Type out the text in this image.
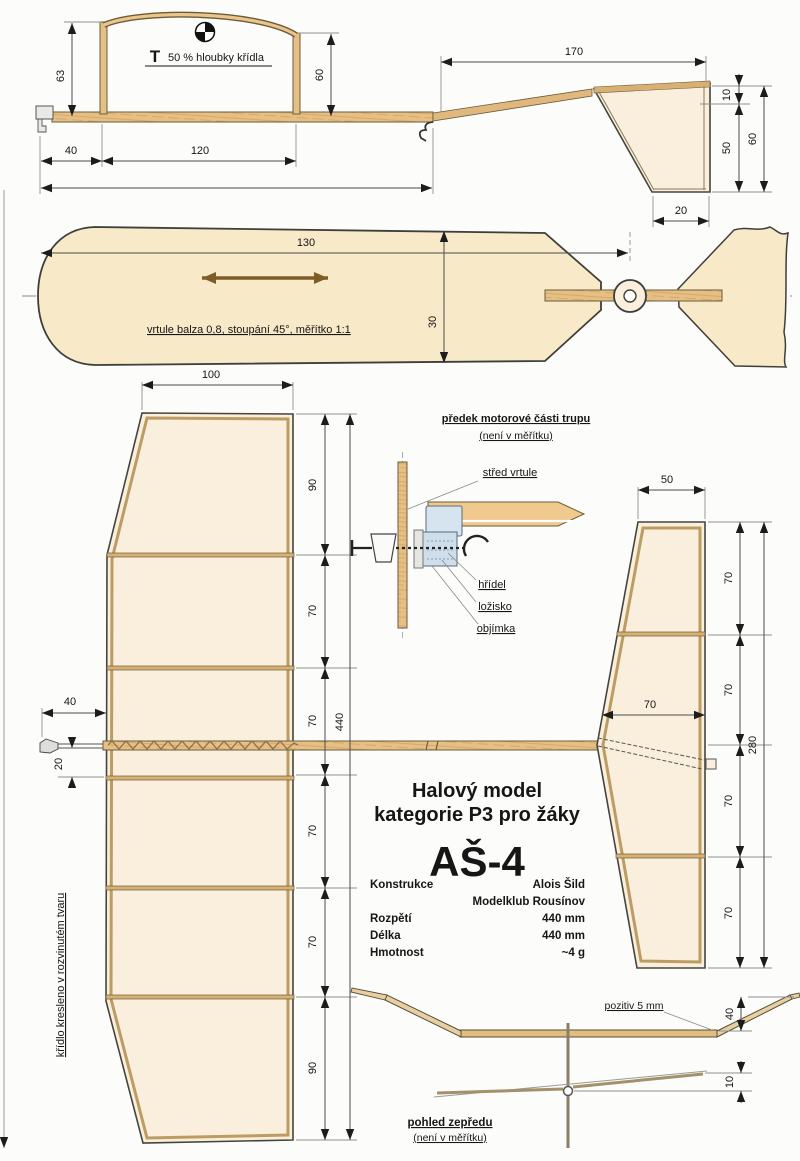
T 50 % hloubky křídla
63	60
40	120
170
10
50
60
20
vrtule balza 0,8, stoupání 45°, měřítko 1:1
130
30
100
90
70
70
70
70
90
440
40
20
křídlo kresleno v rozvinutém tvaru
předek motorové části trupu
(není v měřítku)
střed vrtule
hřídel
ložisko
objímka
50
70
70
70
70
70
280
Halový model
kategorie P3 pro žáky
AŠ-4
Konstrukce	Alois Šild
Modelklub Rousínov
Rozpětí	440 mm
Délka	440 mm
Hmotnost	~4 g
pozitiv 5 mm
40
10
pohled zepředu
(není v měřítku)
